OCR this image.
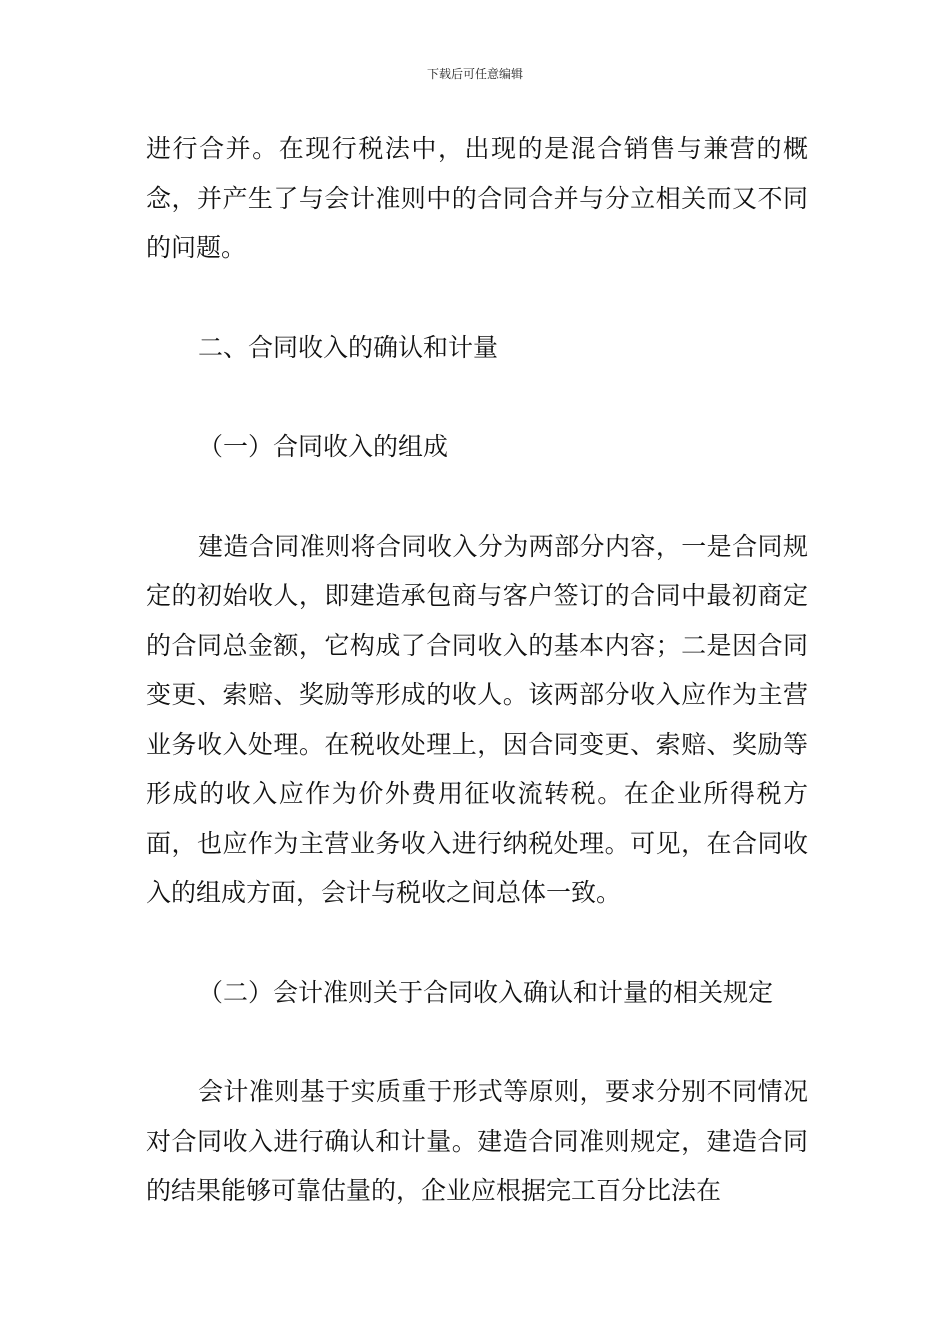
下载后可任意编辑

进行合并。在现行税法中，出现的是混合销售与兼营的概念，并产生了与会计准则中的合同合并与分立相关而又不同的问题。

二、合同收入的确认和计量
（一）合同收入的组成

建造合同准则将合同收入分为两部分内容，一是合同规定的初始收人，即建造承包商与客户签订的合同中最初商定的合同总金额，它构成了合同收入的基本内容；二是因合同变更、索赔、奖励等形成的收人。该两部分收入应作为主营业务收入处理。在税收处理上，因合同变更、索赔、奖励等形成的收入应作为价外费用征收流转税。在企业所得税方面，也应作为主营业务收入进行纳税处理。可见，在合同收入的组成方面，会计与税收之间总体一致。

（二）会计准则关于合同收入确认和计量的相关规定

会计准则基于实质重于形式等原则，要求分别不同情况对合同收入进行确认和计量。建造合同准则规定，建造合同的结果能够可靠估量的，企业应根据完工百分比法在
